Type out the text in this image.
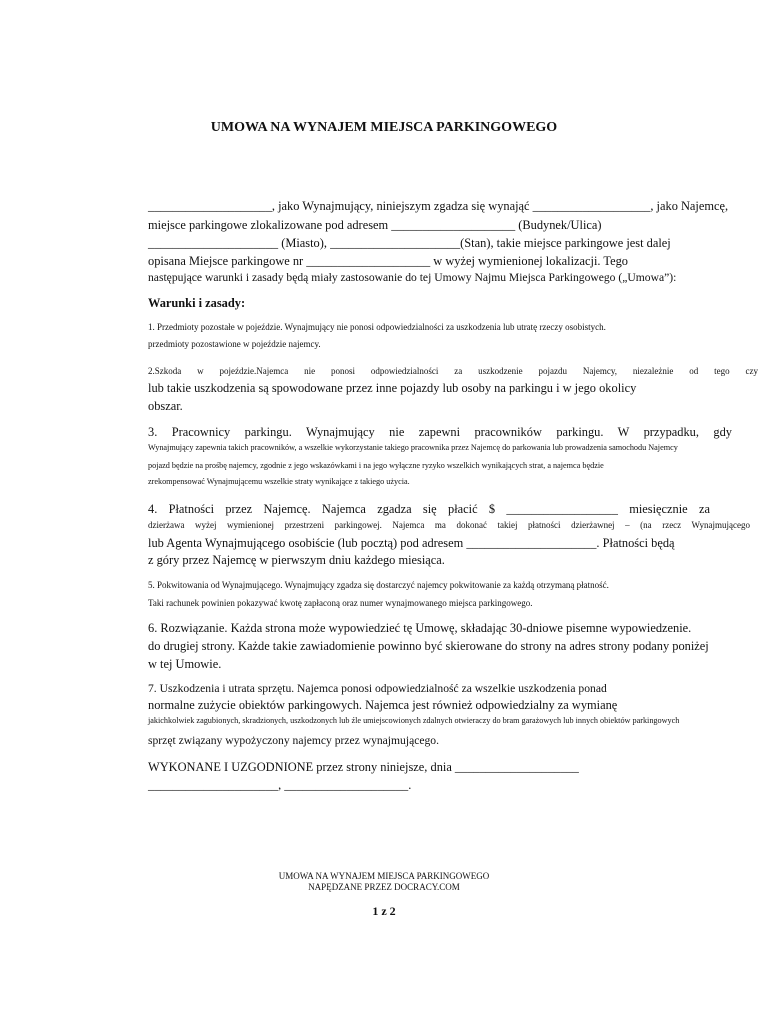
UMOWA NA WYNAJEM MIEJSCA PARKINGOWEGO

____________________, jako Wynajmujący, niniejszym zgadza się wynająć ___________________, jako Najemcę,

miejsce parkingowe zlokalizowane pod adresem ____________________ (Budynek/Ulica)

_____________________ (Miasto), _____________________(Stan), takie miejsce parkingowe jest dalej

opisana Miejsce parkingowe nr ____________________ w wyżej wymienionej lokalizacji. Tego

następujące warunki i zasady będą miały zastosowanie do tej Umowy Najmu Miejsca Parkingowego („Umowa”):

Warunki i zasady:

1. Przedmioty pozostałe w pojeździe. Wynajmujący nie ponosi odpowiedzialności za uszkodzenia lub utratę rzeczy osobistych.

przedmioty pozostawione w pojeździe najemcy.

2.Szkoda w pojeździe.Najemca nie ponosi odpowiedzialności za uszkodzenie pojazdu Najemcy, niezależnie od tego czy

lub takie uszkodzenia są spowodowane przez inne pojazdy lub osoby na parkingu i w jego okolicy

obszar.

3. Pracownicy parkingu. Wynajmujący nie zapewni pracowników parkingu. W przypadku, gdy

Wynajmujący zapewnia takich pracowników, a wszelkie wykorzystanie takiego pracownika przez Najemcę do parkowania lub prowadzenia samochodu Najemcy

pojazd będzie na prośbę najemcy, zgodnie z jego wskazówkami i na jego wyłączne ryzyko wszelkich wynikających strat, a najemca będzie

zrekompensować Wynajmującemu wszelkie straty wynikające z takiego użycia.

4. Płatności przez Najemcę. Najemca zgadza się płacić $ __________________ miesięcznie za

dzierżawa wyżej wymienionej przestrzeni parkingowej. Najemca ma dokonać takiej płatności dzierżawnej – (na rzecz Wynajmującego

lub Agenta Wynajmującego osobiście (lub pocztą) pod adresem _____________________. Płatności będą

z góry przez Najemcę w pierwszym dniu każdego miesiąca.

5. Pokwitowania od Wynajmującego. Wynajmujący zgadza się dostarczyć najemcy pokwitowanie za każdą otrzymaną płatność.

Taki rachunek powinien pokazywać kwotę zapłaconą oraz numer wynajmowanego miejsca parkingowego.

6. Rozwiązanie. Każda strona może wypowiedzieć tę Umowę, składając 30-dniowe pisemne wypowiedzenie.

do drugiej strony. Każde takie zawiadomienie powinno być skierowane do strony na adres strony podany poniżej

w tej Umowie.

7. Uszkodzenia i utrata sprzętu. Najemca ponosi odpowiedzialność za wszelkie uszkodzenia ponad

normalne zużycie obiektów parkingowych. Najemca jest również odpowiedzialny za wymianę

jakichkolwiek zagubionych, skradzionych, uszkodzonych lub źle umiejscowionych zdalnych otwieraczy do bram garażowych lub innych obiektów parkingowych

sprzęt związany wypożyczony najemcy przez wynajmującego.

WYKONANE I UZGODNIONE przez strony niniejsze, dnia ____________________

_____________________, ____________________.

UMOWA NA WYNAJEM MIEJSCA PARKINGOWEGO

NAPĘDZANE PRZEZ DOCRACY.COM

1 z 2
